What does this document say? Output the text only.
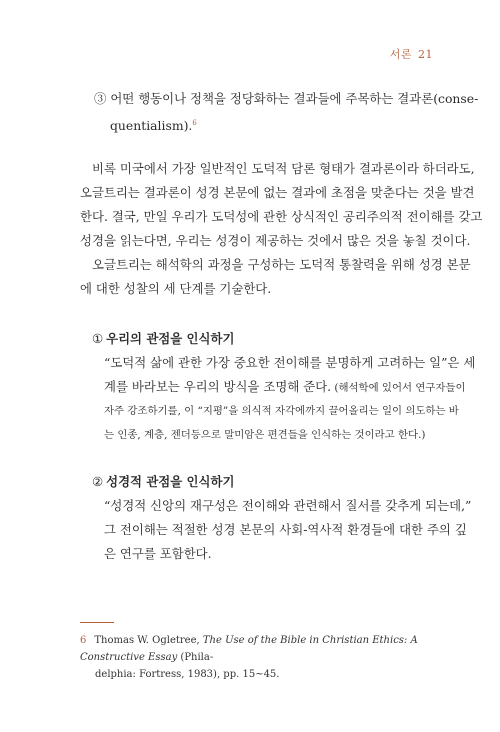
서론 21
③ 어떤 행동이나 정책을 정당화하는 결과들에 주목하는 결과론(conse-
quentialism).$^6$
비록 미국에서 가장 일반적인 도덕적 담론 형태가 결과론이라 하더라도,
오글트리는 결과론이 성경 본문에 없는 결과에 초점을 맞춘다는 것을 발견
한다. 결국, 만일 우리가 도덕성에 관한 상식적인 공리주의적 전이해를 갖고
성경을 읽는다면, 우리는 성경이 제공하는 것에서 많은 것을 놓칠 것이다.
오글트리는 해석학의 과정을 구성하는 도덕적 통찰력을 위해 성경 본문
에 대한 성찰의 세 단계를 기술한다.
① 우리의 관점을 인식하기
“도덕적 삶에 관한 가장 중요한 전이해를 분명하게 고려하는 일”은 세
계를 바라보는 우리의 방식을 조명해 준다. (해석학에 있어서 연구자들이
자주 강조하기를, 이 “지평”을 의식적 자각에까지 끌어올리는 일이 의도하는 바
는 인종, 계층, 젠더등으로 말미암은 편견들을 인식하는 것이라고 한다.)
② 성경적 관점을 인식하기
“성경적 신앙의 재구성은 전이해와 관련해서 질서를 갖추게 되는데,”
그 전이해는 적절한 성경 본문의 사회-역사적 환경들에 대한 주의 깊
은 연구를 포함한다.
6 Thomas W. Ogletree, The Use of the Bible in Christian Ethics: A Constructive Essay (Phila-
delphia: Fortress, 1983), pp. 15~45.
